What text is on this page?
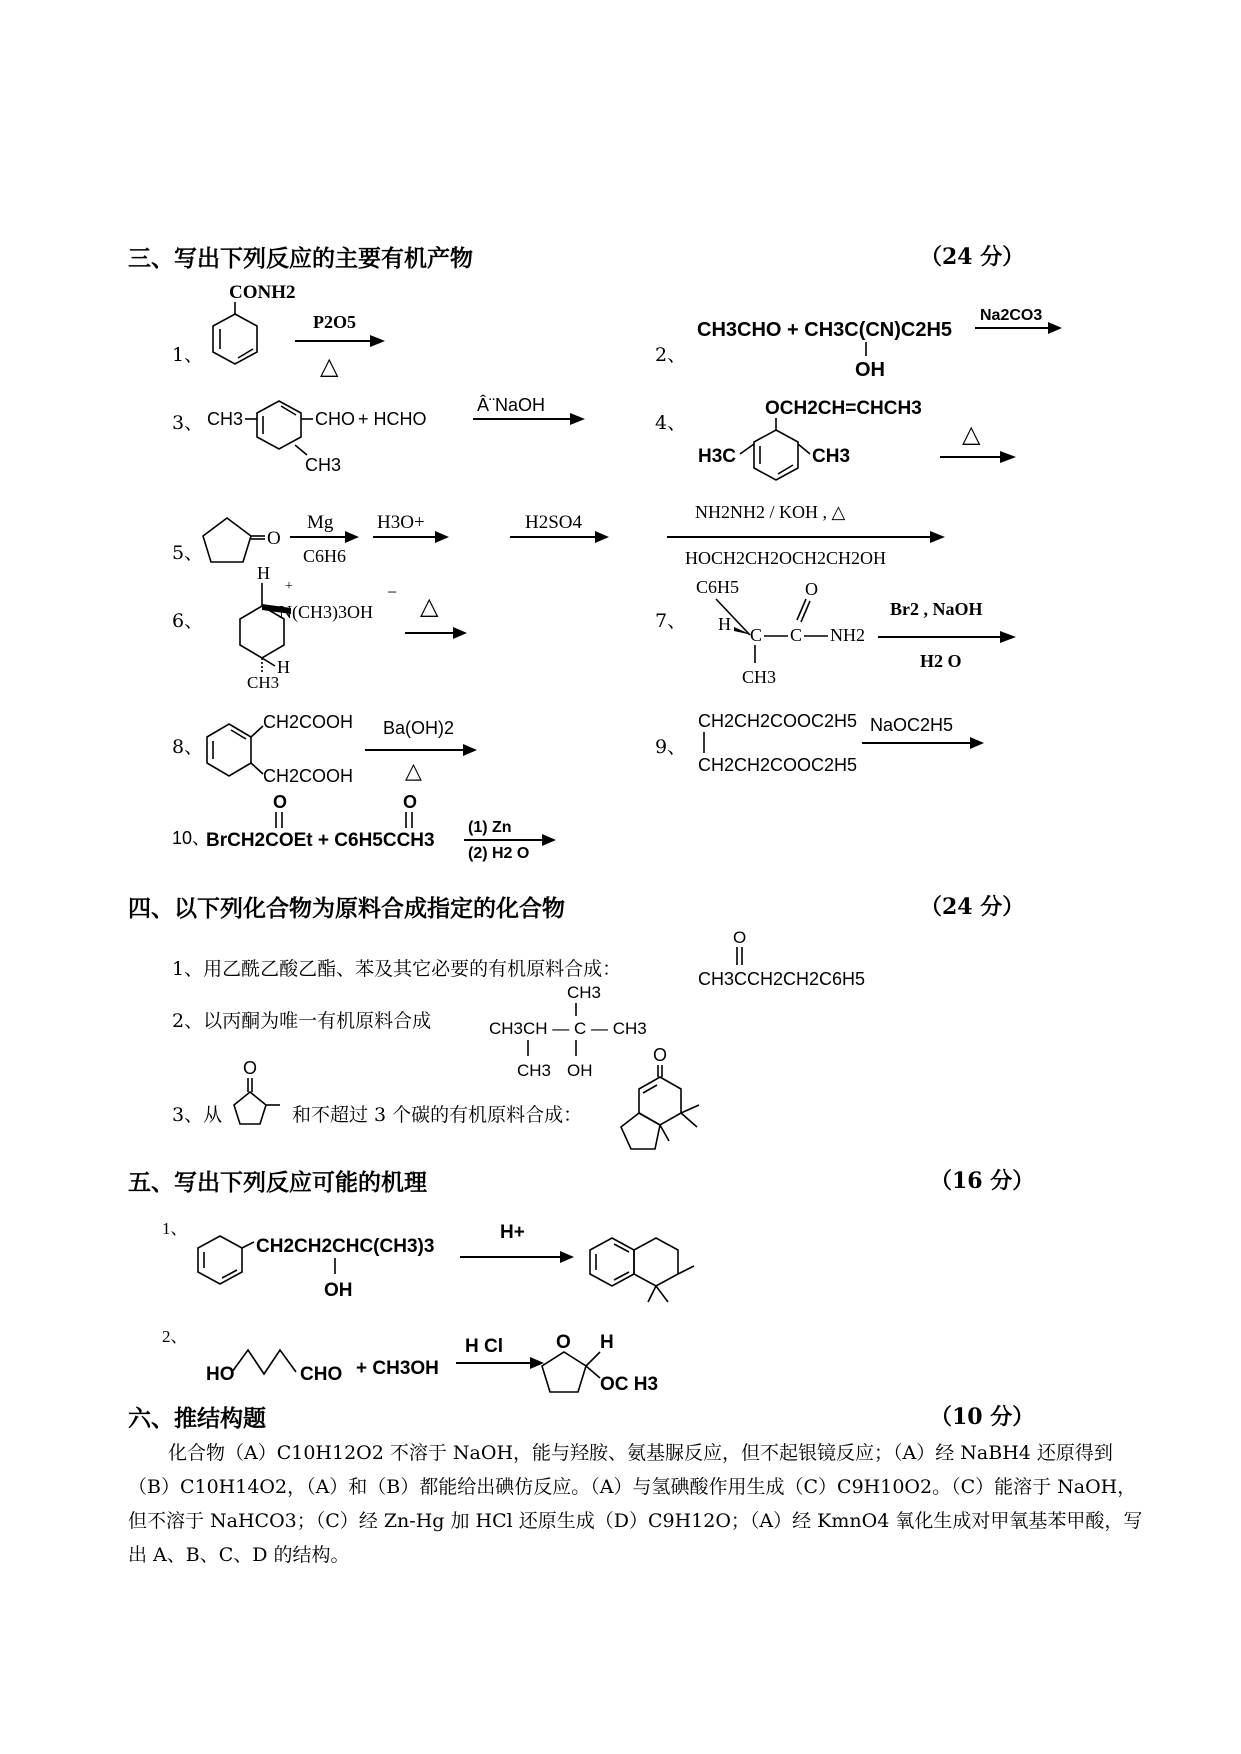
三、写出下列反应的主要有机产物	（24 分）
1、
CONH2
P2O5
△	2、
CH3CHO + CH3C(CN)C2H5
OH
Na2CO3
3、 CH3	CHO
CH3
+ HCHO
Â¨NaOH
4、
OCH2CH=CHCH3
H3C	CH3
△
5、
O
Mg
C6H6
H3O+	H2SO4	NH2NH2 / KOH , △
HOCH2CH2OCH2CH2OH
6、
H
+
N(CH3)3OH
−
H
CH3
△
7、
C6H5
H
C C
O
NH2
CH3
Br2 , NaOH
H2 O
8、
CH2COOH
CH2COOH
Ba(OH)2
△
9、
CH2CH2COOC2H5
CH2CH2COOC2H5
NaOC2H5
10、
O	O
BrCH2COEt + C6H5CCH3
(1) Zn
(2) H2 O
四、以下列化合物为原料合成指定的化合物	（24 分）
1、用乙酰乙酸乙酯、苯及其它必要的有机原料合成：
O
CH3CCH2CH2C6H5
2、以丙酮为唯一有机原料合成
CH3
CH3CH — C — CH3
CH3 OH
3、从
O
和不超过 3 个碳的有机原料合成：
O
五、写出下列反应可能的机理	（16 分）
1、
CH2CH2CHC(CH3)3
OH
H+
2、
HO	CHO + CH3OH
H Cl	O H
OC H3
六、推结构题	（10 分）
化合物（A）C10H12O2 不溶于 NaOH，能与羟胺、氨基脲反应，但不起银镜反应；（A）经 NaBH4 还原得到
（B）C10H14O2，（A）和（B）都能给出碘仿反应。（A）与氢碘酸作用生成（C）C9H10O2。（C）能溶于 NaOH，
但不溶于 NaHCO3；（C）经 Zn-Hg 加 HCl 还原生成（D）C9H12O；（A）经 KmnO4 氧化生成对甲氧基苯甲酸，写
出 A、B、C、D 的结构。
